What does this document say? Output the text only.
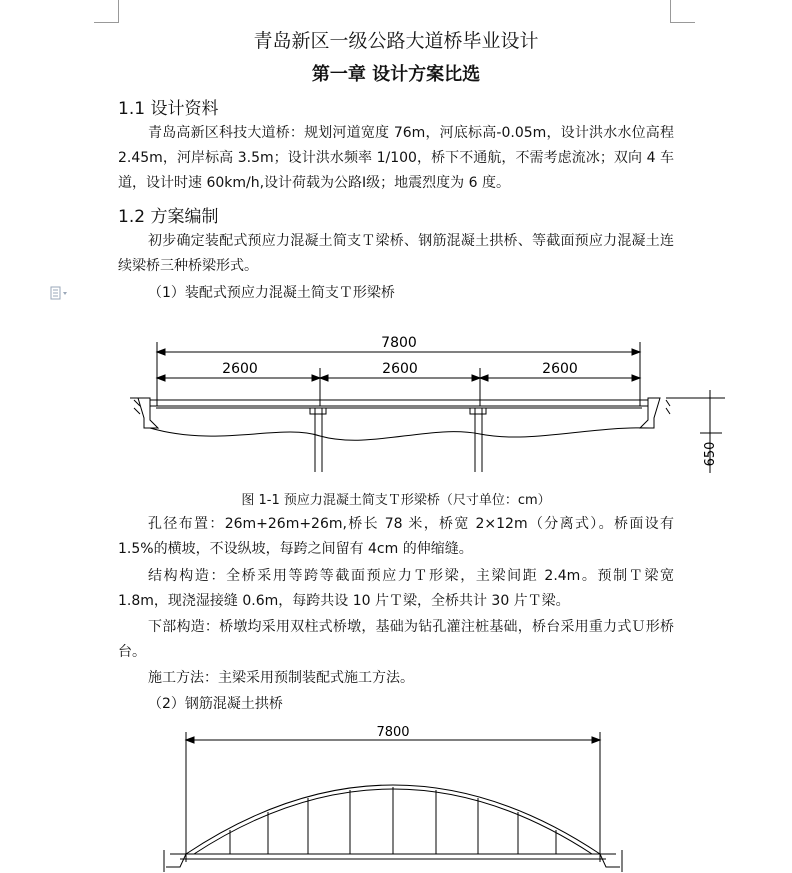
青岛新区一级公路大道桥毕业设计
第一章 设计方案比选
1.1 设计资料
青岛高新区科技大道桥：规划河道宽度 76m，河底标高-0.05m，设计洪水水位高程 2.45m，河岸标高 3.5m；设计洪水频率 1/100，桥下不通航，不需考虑流冰；双向 4 车道，设计时速 60km/h,设计荷载为公路Ⅰ级；地震烈度为 6 度。
1.2 方案编制
初步确定装配式预应力混凝土简支Ｔ梁桥、钢筋混凝土拱桥、等截面预应力混凝土连续梁桥三种桥梁形式。
（1）装配式预应力混凝土简支Ｔ形梁桥
7800
2600	2600	2600
650
图 1-1 预应力混凝土简支Ｔ形梁桥（尺寸单位：cm）
孔径布置：26m+26m+26m,桥长 78 米，桥宽 2×12m（分离式）。桥面设有 1.5%的横坡，不设纵坡，每跨之间留有 4cm 的伸缩缝。
结构构造：全桥采用等跨等截面预应力Ｔ形梁，主梁间距 2.4m。预制Ｔ梁宽 1.8m，现浇湿接缝 0.6m，每跨共设 10 片Ｔ梁，全桥共计 30 片Ｔ梁。
下部构造：桥墩均采用双柱式桥墩，基础为钻孔灌注桩基础，桥台采用重力式Ｕ形桥台。
施工方法：主梁采用预制装配式施工方法。
（2）钢筋混凝土拱桥
7800
